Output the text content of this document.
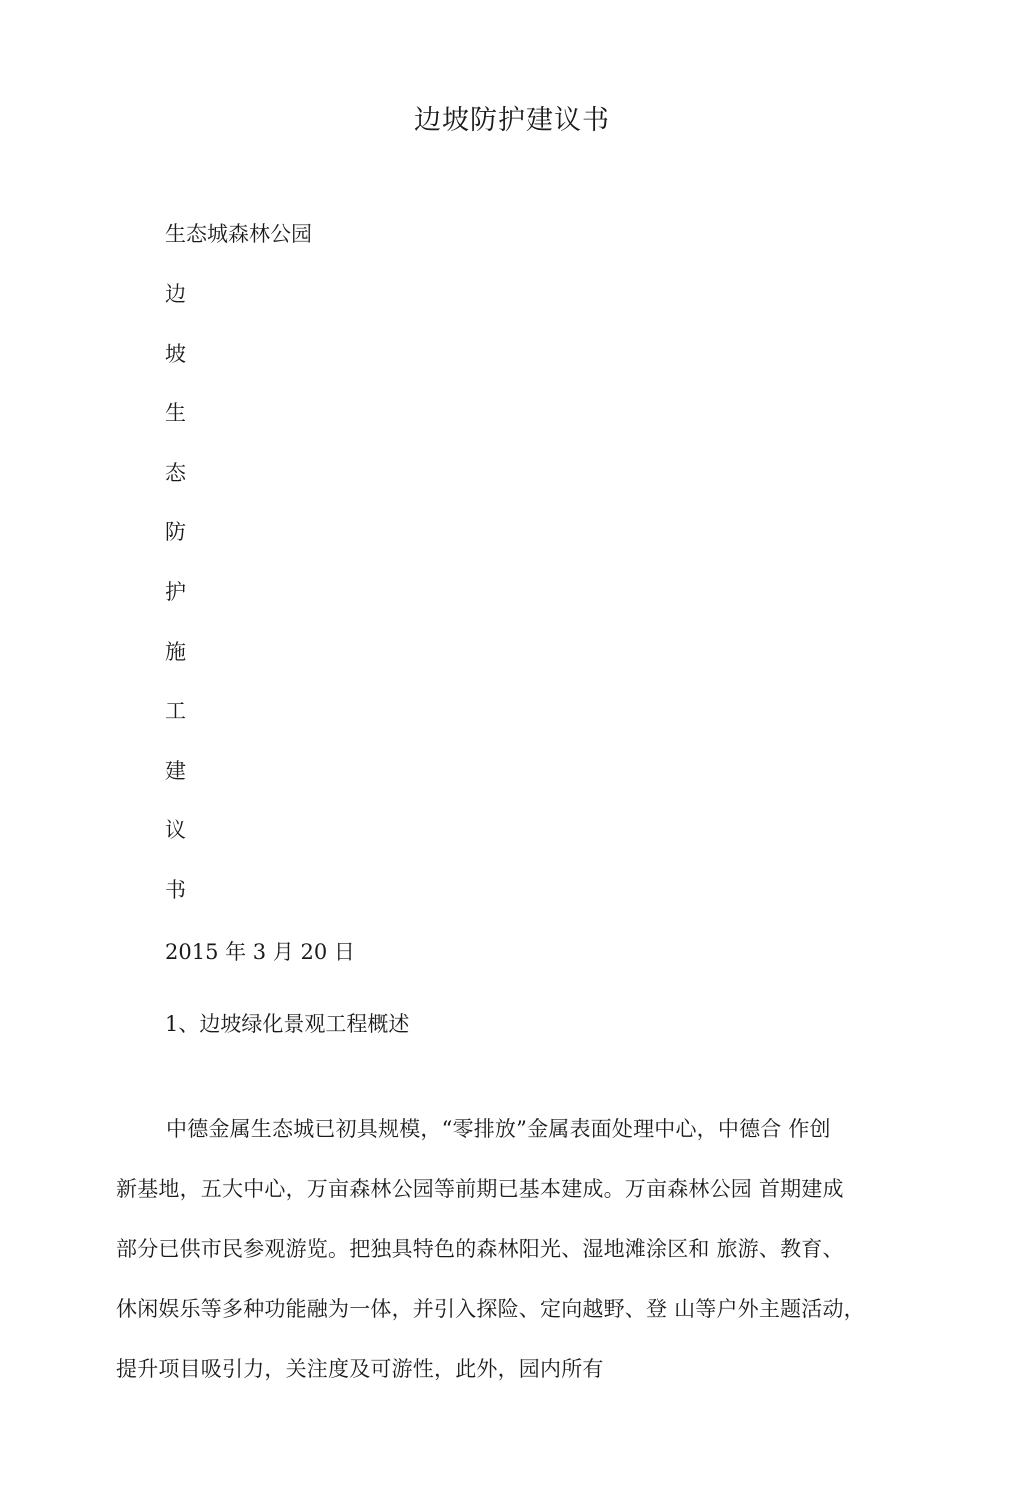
边坡防护建议书

生态城森林公园

边

坡

生

态

防

护

施

工

建

议

书

2015 年 3 月 20 日

1、边坡绿化景观工程概述

中德金属生态城已初具规模，“零排放”金属表面处理中心，中德合 作创
新基地，五大中心，万亩森林公园等前期已基本建成。万亩森林公园 首期建成
部分已供市民参观游览。把独具特色的森林阳光、湿地滩涂区和 旅游、教育、
休闲娱乐等多种功能融为一体，并引入探险、定向越野、登 山等户外主题活动，
提升项目吸引力，关注度及可游性，此外，园内所有
